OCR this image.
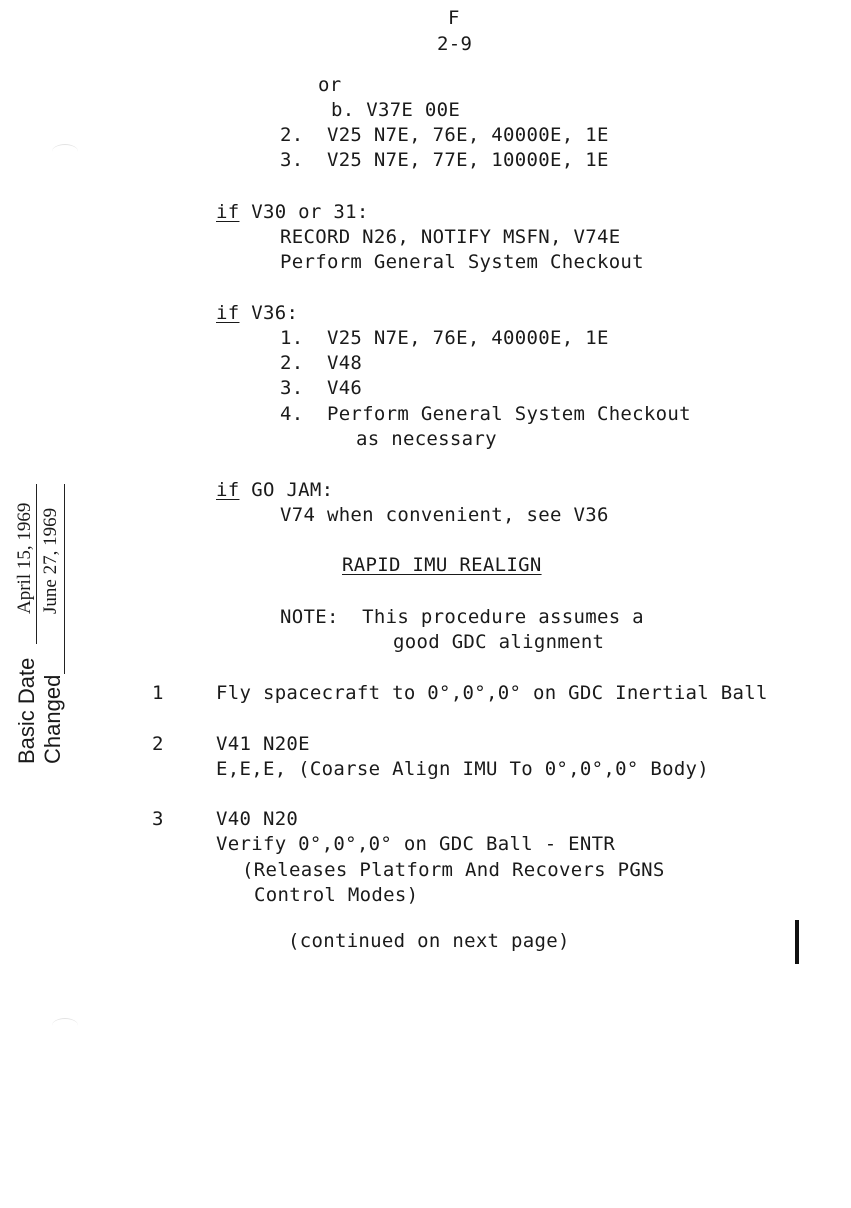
F
2-9
or
b. V37E 00E
2.  V25 N7E, 76E, 40000E, 1E
3.  V25 N7E, 77E, 10000E, 1E
if V30 or 31:
RECORD N26, NOTIFY MSFN, V74E
Perform General System Checkout
if V36:
1.  V25 N7E, 76E, 40000E, 1E
2.  V48
3.  V46
4.  Perform General System Checkout
as necessary
if GO JAM:
V74 when convenient, see V36
RAPID IMU REALIGN
NOTE:  This procedure assumes a
good GDC alignment
1	Fly spacecraft to 0°,0°,0° on GDC Inertial Ball
2	V41 N20E
E,E,E, (Coarse Align IMU To 0°,0°,0° Body)
3	V40 N20
Verify 0°,0°,0° on GDC Ball - ENTR
(Releases Platform And Recovers PGNS
Control Modes)
(continued on next page)
Basic Date
April 15, 1969
Changed
June 27, 1969
